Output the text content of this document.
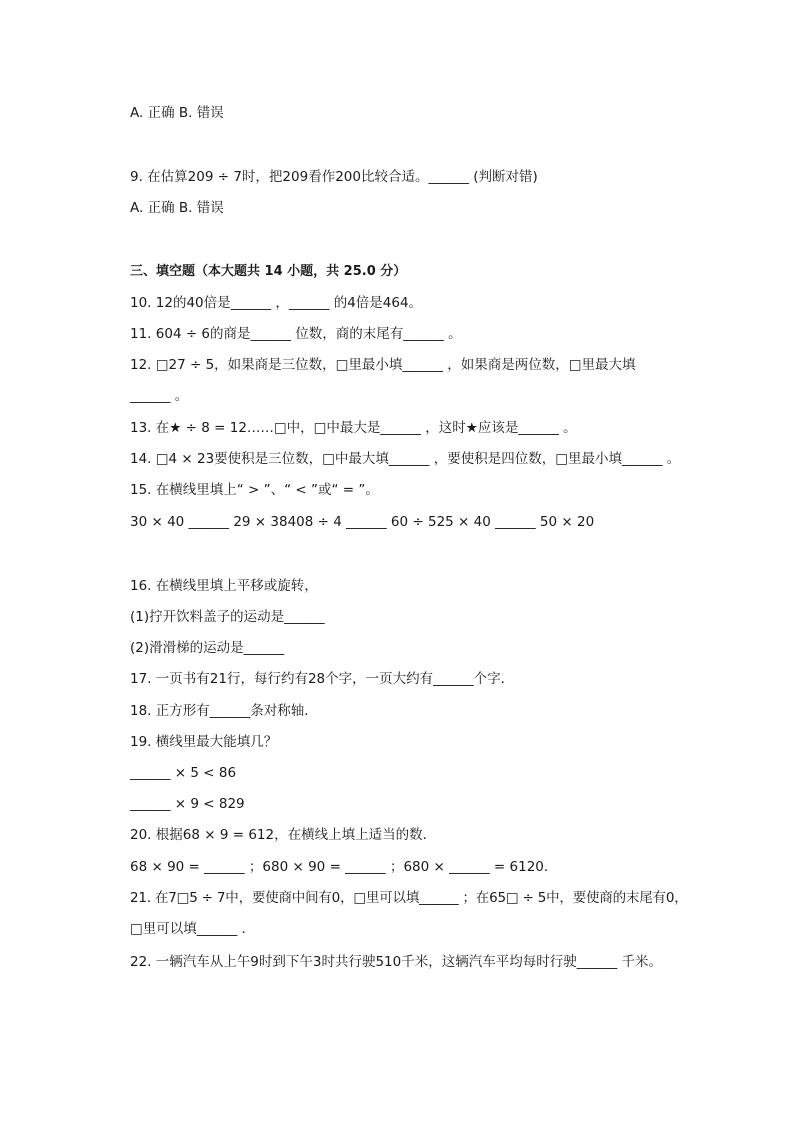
A. 正确 B. 错误
9. 在估算209 ÷ 7时，把209看作200比较合适。______ (判断对错)
A. 正确 B. 错误
三、填空题（本大题共 14 小题，共 25.0 分）
10. 12的40倍是______ ，______ 的4倍是464。
11. 604 ÷ 6的商是______ 位数，商的末尾有______ 。
12. □27 ÷ 5，如果商是三位数，□里最小填______ ，如果商是两位数，□里最大填
______ 。
13. 在★ ÷ 8 = 12……□中，□中最大是______ ，这时★应该是______ 。
14. □4 × 23要使积是三位数，□中最大填______ ，要使积是四位数，□里最小填______ 。
15. 在横线里填上“ > ”、“ < ”或“ = ”。
30 × 40 ______ 29 × 38408 ÷ 4 ______ 60 ÷ 525 × 40 ______ 50 × 20
16. 在横线里填上平移或旋转，
(1)拧开饮料盖子的运动是______
(2)滑滑梯的运动是______
17. 一页书有21行，每行约有28个字，一页大约有______个字．
18. 正方形有______条对称轴．
19. 横线里最大能填几？
______ × 5 < 86
______ × 9 < 829
20. 根据68 × 9 = 612，在横线上填上适当的数．
68 × 90 = ______ ；680 × 90 = ______ ；680 × ______ = 6120．
21. 在7□5 ÷ 7中，要使商中间有0，□里可以填______ ；在65□ ÷ 5中，要使商的末尾有0，
□里可以填______ ．
22. 一辆汽车从上午9时到下午3时共行驶510千米，这辆汽车平均每时行驶______ 千米。
